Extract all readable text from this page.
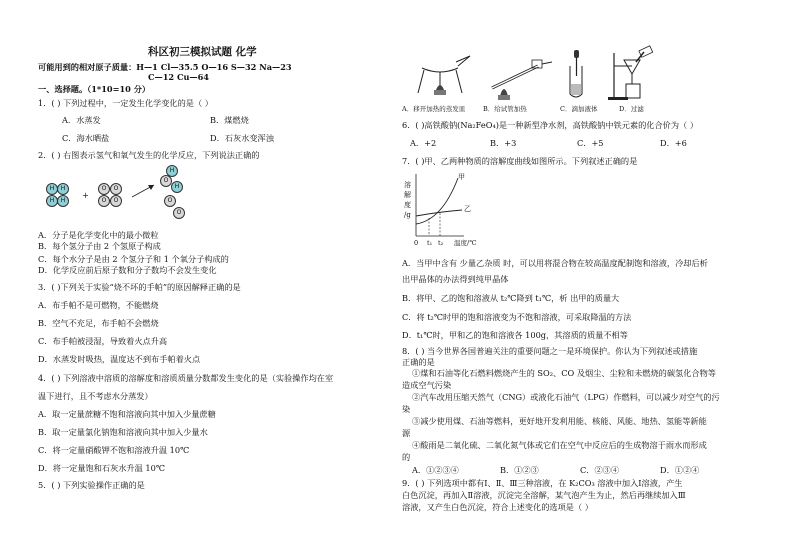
科区初三模拟试题 化学
可能用到的相对原子质量：H—1 Cl—35.5 O—16 S—32 Na—23
C—12 Cu—64
一、选择题。（1*10=10 分）
1．( ) 下列过程中，一定发生化学变化的是（ ）
A．水蒸发	B．煤燃烧
C．海水晒盐	D．石灰水变浑浊
2．( ) 右图表示氢气和氧气发生的化学反应，下列说法正确的
H	H
H	H
+
O	O
O	O
H
O
H
O
O
A．分子是化学变化中的最小微粒
B．每个氢分子由 2 个氢原子构成
C．每个水分子是由 2 个氢分子和 1 个氧分子构成的
D．化学反应前后原子数和分子数均不会发生变化
3．( )下列关于实验“烧不坏的手帕”的原因解释正确的是
A．布手帕不是可燃物，不能燃烧
B．空气不充足，布手帕不会燃烧
C．布手帕被浸湿，导致着火点升高
D．水蒸发时吸热，温度达不到布手帕着火点
4．( ) 下列溶液中溶质的溶解度和溶质质量分数都发生变化的是（实验操作均在室
温下进行，且不考虑水分蒸发）
A．取一定量蔗糖不饱和溶液向其中加入少量蔗糖
B．取一定量氯化钠饱和溶液向其中加入少量水
C．将一定量硝酸钾不饱和溶液升温 10℃
D．将一定量饱和石灰水升温 10℃
5．( ) 下列实验操作正确的是
A．移开加热的蒸发皿	B．给试管加热	C．滴加液体	D．过滤
6．( )高铁酸钠(Na₂FeO₄)是一种新型净水剂，高铁酸钠中铁元素的化合价为（ ）
A．+2	B．+3	C．+5	D．+6
7．( )甲、乙两种物质的溶解度曲线如图所示。下列叙述正确的是
溶
解
度
/g
甲
乙
0 t₁ t₂ 温度/℃
A．当甲中含有 少量乙杂质 时，可以用将混合物在较高温度配制饱和溶液，冷却后析
出甲晶体的办法得到纯甲晶体
B．将甲、乙的饱和溶液从 t₂℃降到 t₁℃，析 出甲的质量大
C．将 t₂℃时甲的饱和溶液变为不饱和溶液，可采取降温的方法
D．t₁℃时，甲和乙的饱和溶液各 100g，其溶质的质量不相等
8．( ) 当今世界各国普遍关注的重要问题之一是环境保护。你认为下列叙述或措施
正确的是
①煤和石油等化石燃料燃烧产生的 SO₂、CO 及烟尘、尘粒和未燃烧的碳氢化合物等
造成空气污染
②汽车改用压缩天然气（CNG）或液化石油气（LPG）作燃料，可以减少对空气的污
染
③减少使用煤、石油等燃料，更好地开发利用能、核能、风能、地热、氢能等新能
源
④酸雨是二氧化硫、二氧化氮气体或它们在空气中反应后的生成物溶于雨水而形成
的
A．①②③④	B．①②③	C．②③④	D．①②④
9．( ) 下列选项中都有Ⅰ、Ⅱ、Ⅲ三种溶液，在 K₂CO₃ 溶液中加入Ⅰ溶液，产生
白色沉淀，再加入Ⅱ溶液，沉淀完全溶解，某气泡产生为止，然后再继续加入Ⅲ
溶液，又产生白色沉淀，符合上述变化的选项是（ ）
